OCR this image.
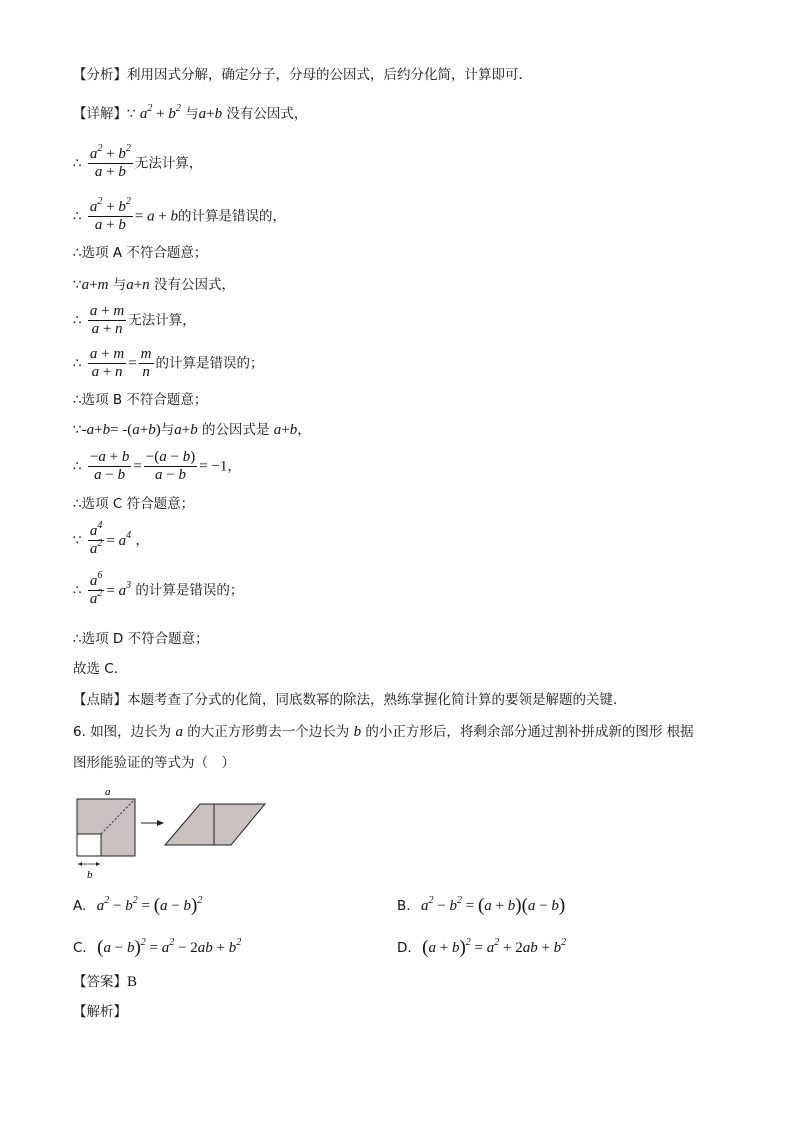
【分析】利用因式分解，确定分子，分母的公因式，后约分化简，计算即可．
【详解】∵ $a^2 + b^2$ 与a+b 没有公因式，
∴ $\frac{a^2 + b^2}{a + b}$ 无法计算，
∴ $\frac{a^2 + b^2}{a + b} = a + b$的计算是错误的，
∴选项 A 不符合题意；
∵a+m 与a+n 没有公因式，
∴ $\frac{a + m}{a + n}$ 无法计算，
∴ $\frac{a + m}{a + n} = \frac{m}{n}$ 的计算是错误的；
∴选项 B 不符合题意；
∵-a+b= -(a+b)与a+b 的公因式是 a+b，
∴ $\frac{-a + b}{a - b} = \frac{-(a - b)}{a - b} = -1$，
∴选项 C 符合题意；
∵ $\frac{a^4}{a^2} = a^4$ ，
∴ $\frac{a^6}{a^2} = a^3$ 的计算是错误的；
∴选项 D 不符合题意；
故选 C．
【点睛】本题考查了分式的化简，同底数幂的除法，熟练掌握化简计算的要领是解题的关键．
6. 如图，边长为 a 的大正方形剪去一个边长为 b 的小正方形后，将剩余部分通过割补拼成新的图形 根据
图形能验证的等式为（　）
a
b
A. $a^2 - b^2 = (a - b)^2$	B. $a^2 - b^2 = (a + b)(a - b)$
C. $(a - b)^2 = a^2 - 2ab + b^2$	D. $(a + b)^2 = a^2 + 2ab + b^2$
【答案】B
【解析】
